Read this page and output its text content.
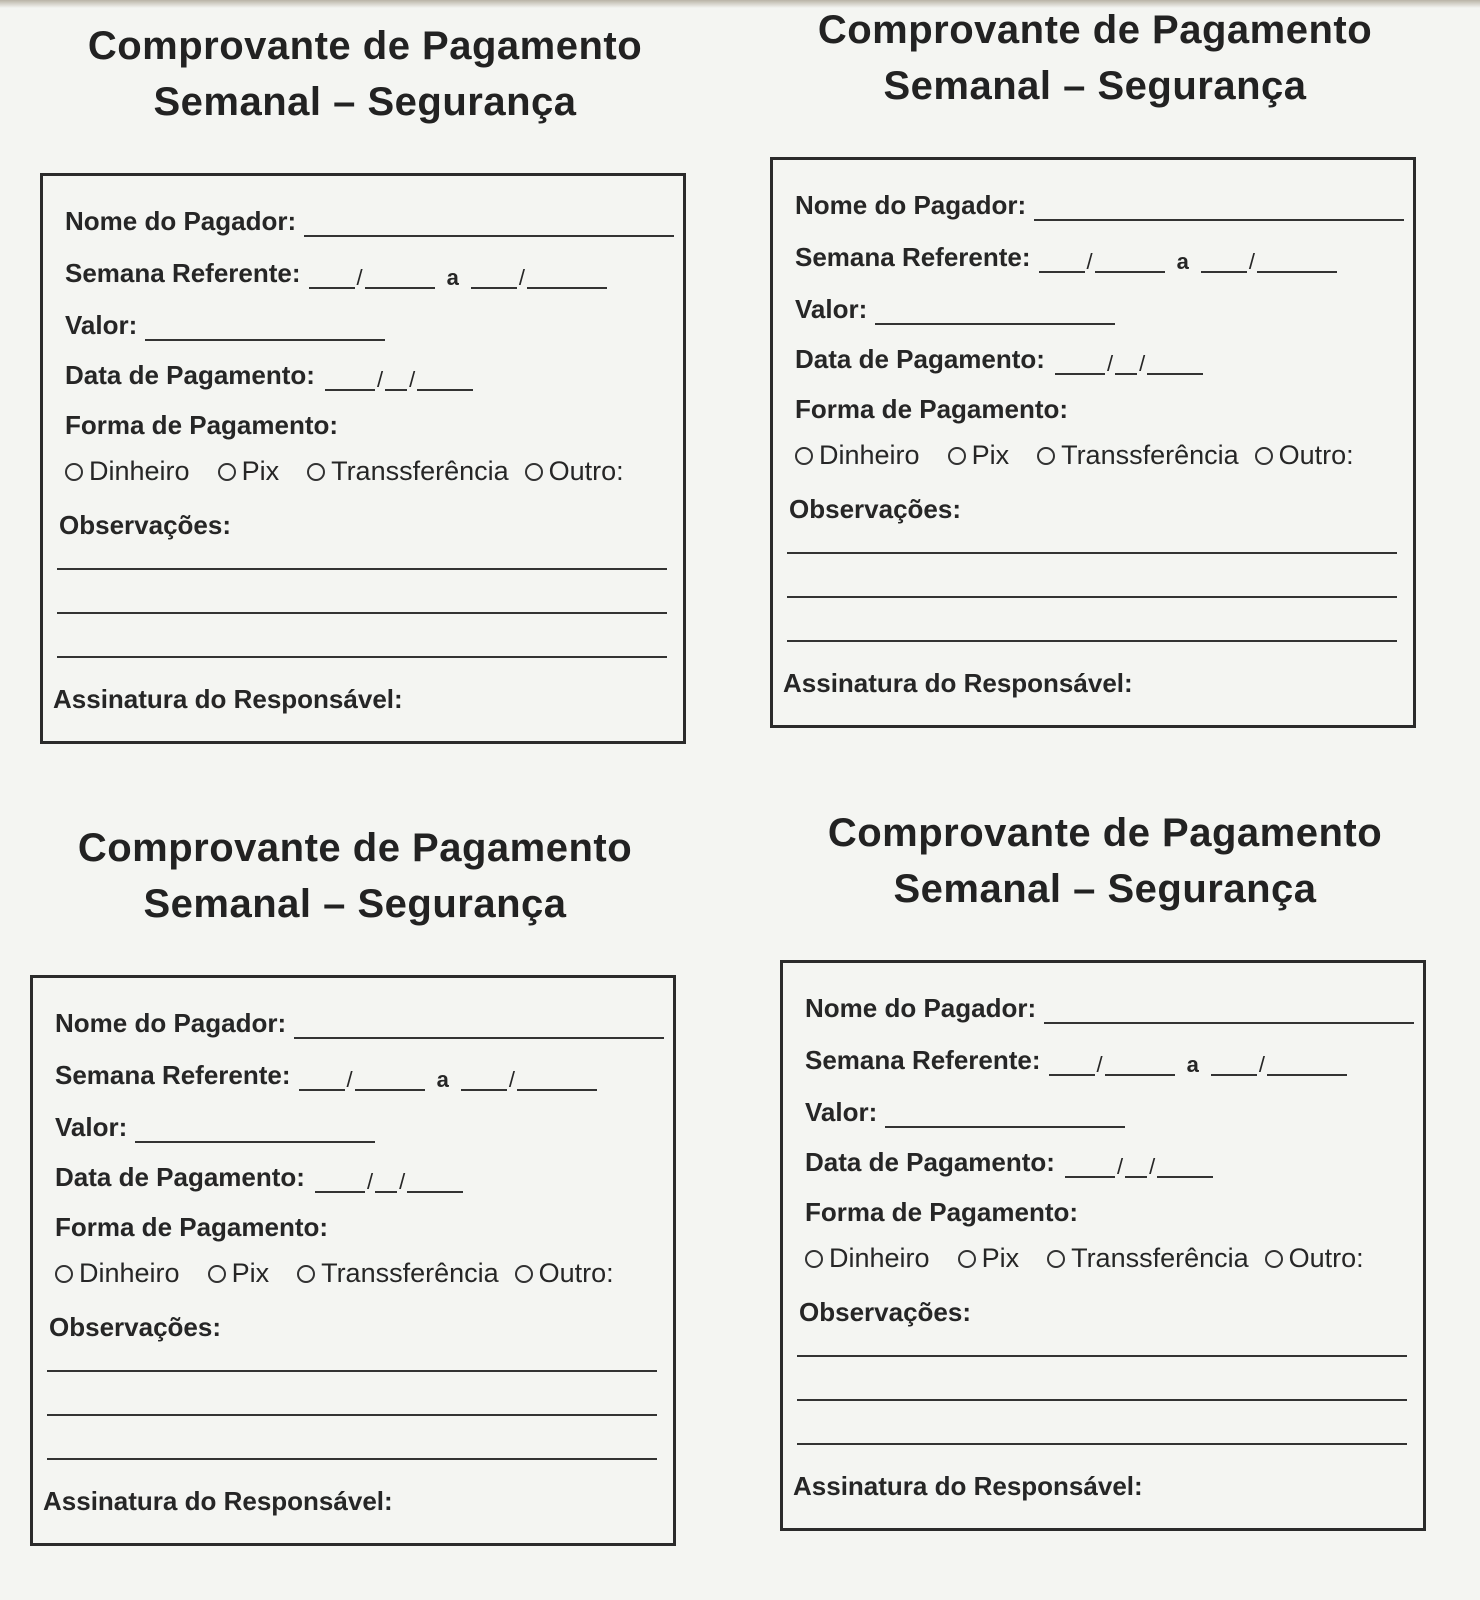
Comprovante de Pagamento
Semanal – Segurança
Nome do Pagador:
Semana Referente:	/	a	/
Valor:
Data de Pagamento:	/ /
Forma de Pagamento:
Dinheiro Pix Transsferência Outro:
Observações:
Assinatura do Responsável:
Comprovante de Pagamento
Semanal – Segurança
Nome do Pagador:
Semana Referente:	/	a	/
Valor:
Data de Pagamento:	/ /
Forma de Pagamento:
Dinheiro Pix Transsferência Outro:
Observações:
Assinatura do Responsável:
Comprovante de Pagamento
Semanal – Segurança
Nome do Pagador:
Semana Referente:	/	a	/
Valor:
Data de Pagamento:	/ /
Forma de Pagamento:
Dinheiro Pix Transsferência Outro:
Observações:
Assinatura do Responsável:
Comprovante de Pagamento
Semanal – Segurança
Nome do Pagador:
Semana Referente:	/	a	/
Valor:
Data de Pagamento:	/ /
Forma de Pagamento:
Dinheiro Pix Transsferência Outro:
Observações:
Assinatura do Responsável:
